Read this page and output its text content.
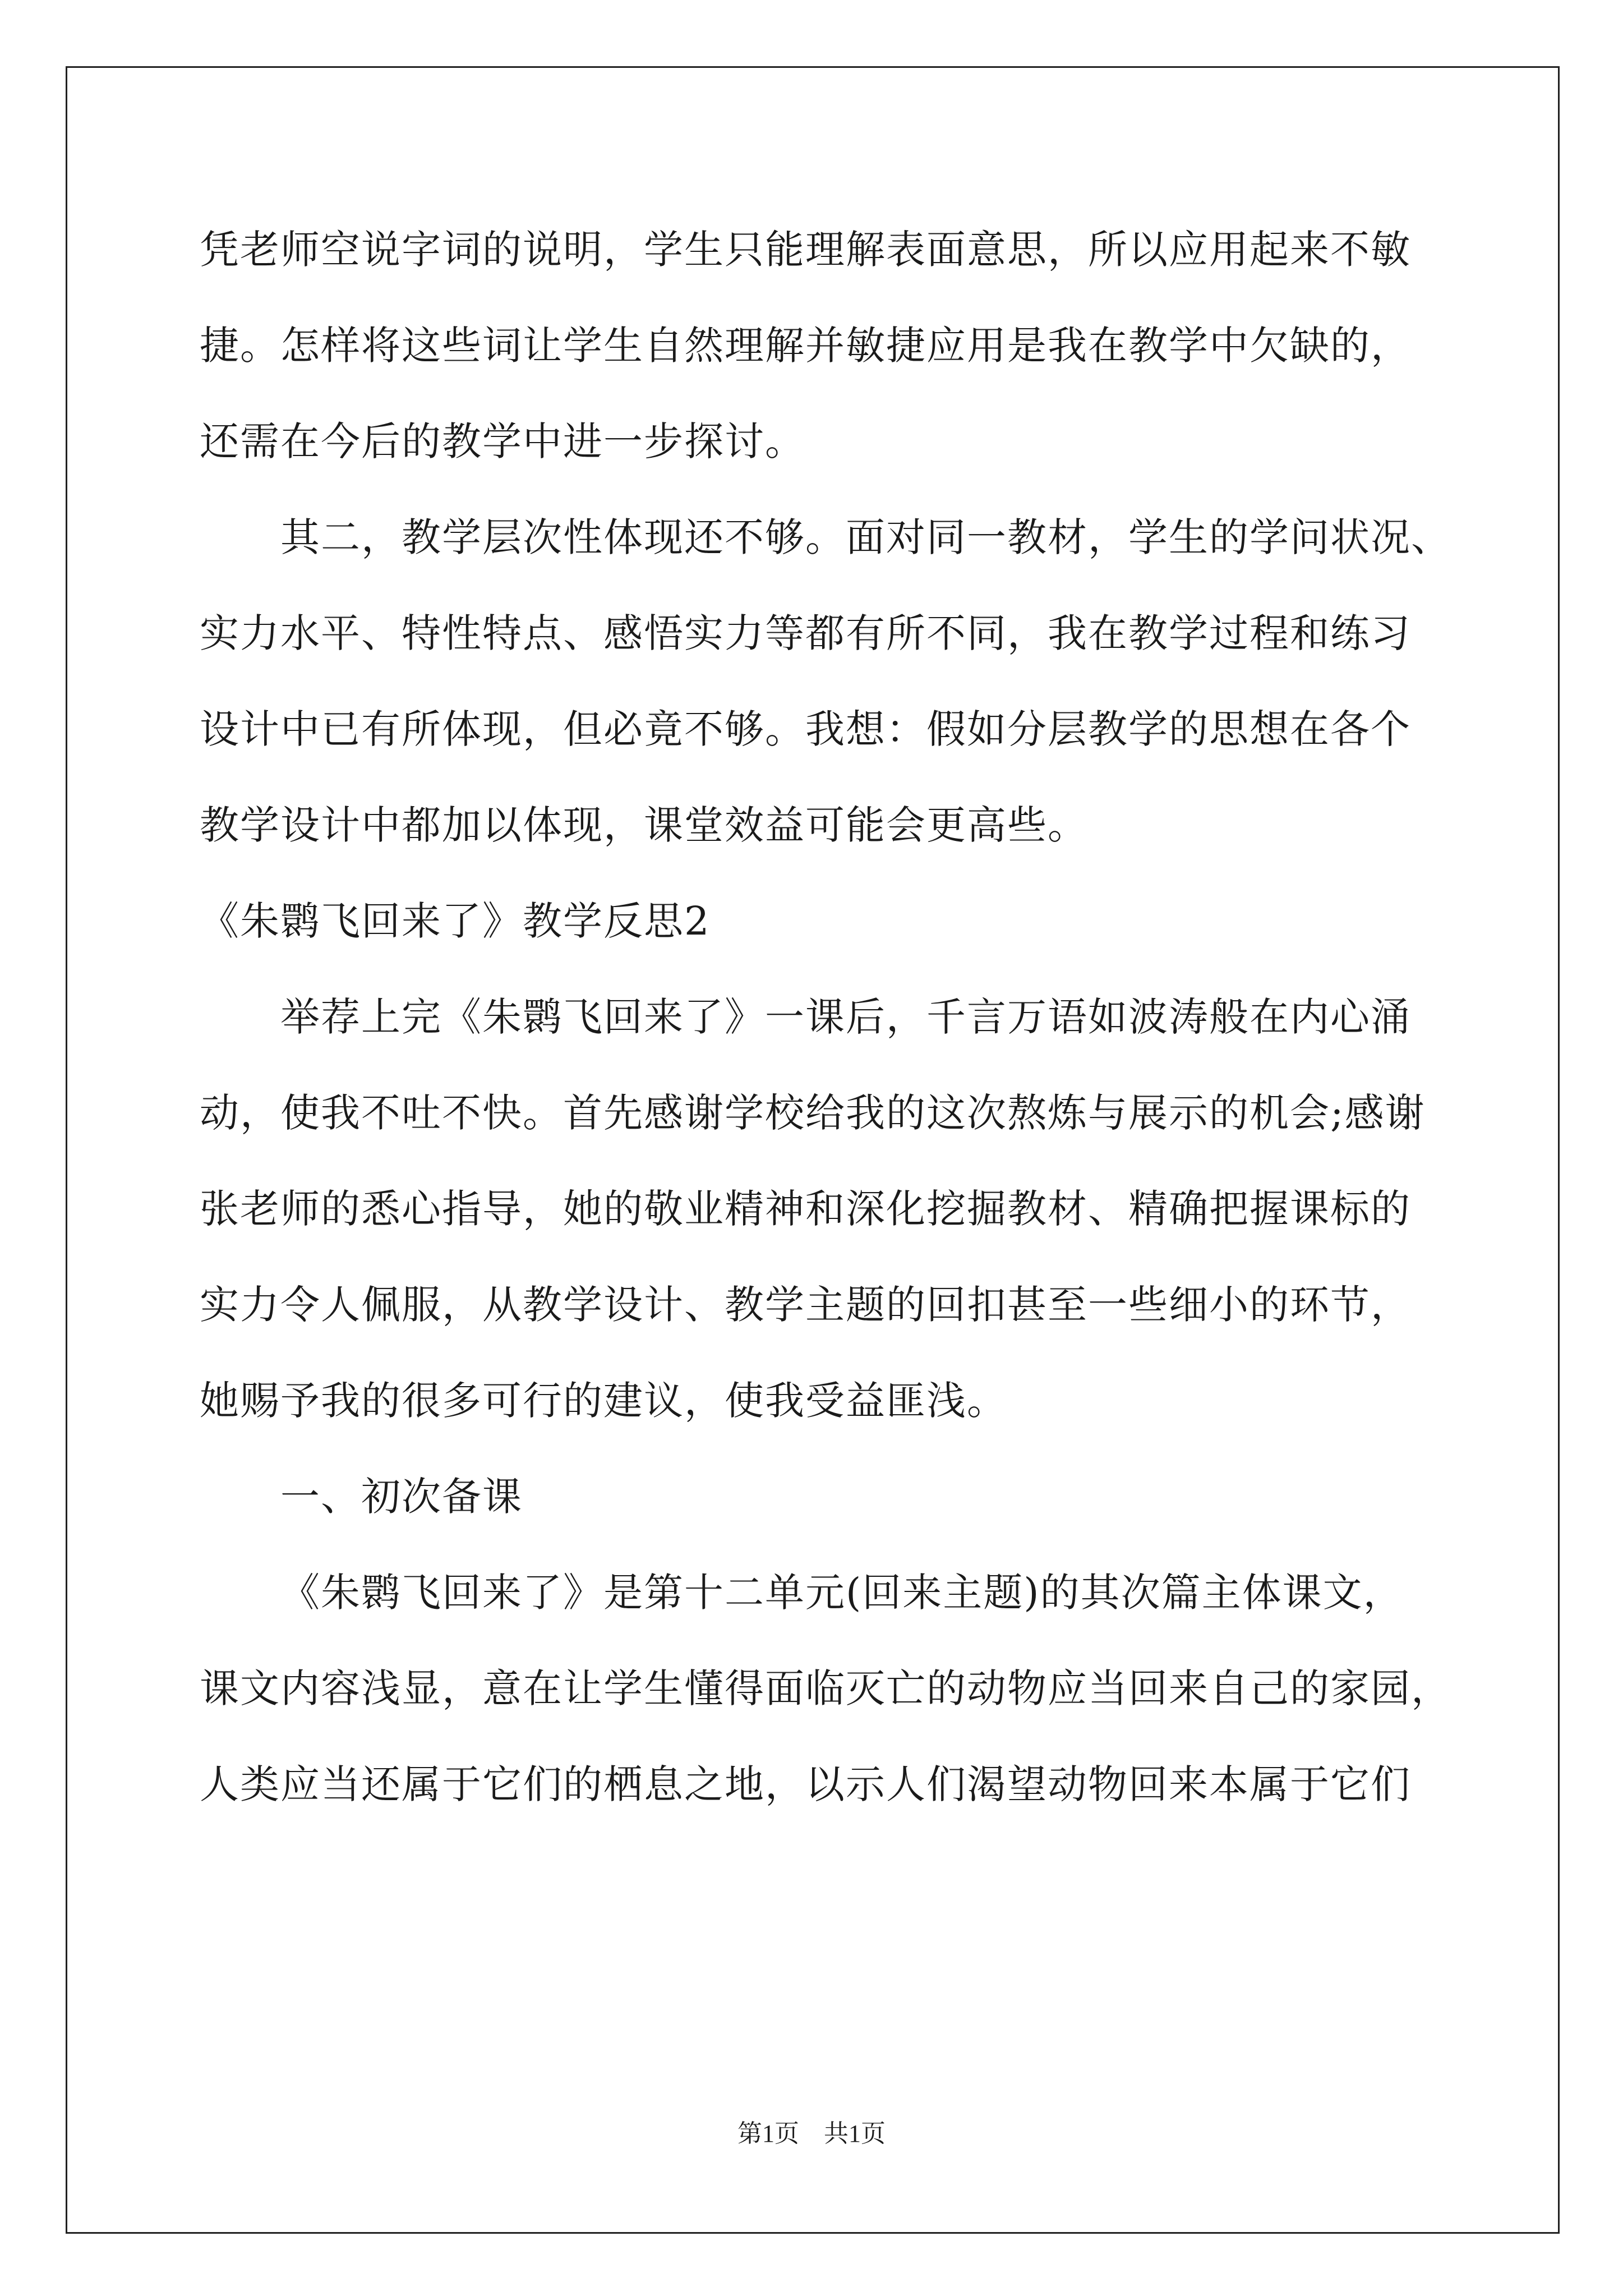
凭老师空说字词的说明，学生只能理解表面意思，所以应用起来不敏
捷。怎样将这些词让学生自然理解并敏捷应用是我在教学中欠缺的，
还需在今后的教学中进一步探讨。
其二，教学层次性体现还不够。面对同一教材，学生的学问状况、
实力水平、特性特点、感悟实力等都有所不同，我在教学过程和练习
设计中已有所体现，但必竟不够。我想：假如分层教学的思想在各个
教学设计中都加以体现，课堂效益可能会更高些。
《朱鹮飞回来了》教学反思2
举荐上完《朱鹮飞回来了》一课后，千言万语如波涛般在内心涌
动，使我不吐不快。首先感谢学校给我的这次熬炼与展示的机会;感谢
张老师的悉心指导，她的敬业精神和深化挖掘教材、精确把握课标的
实力令人佩服，从教学设计、教学主题的回扣甚至一些细小的环节，
她赐予我的很多可行的建议，使我受益匪浅。
一、初次备课
《朱鹮飞回来了》是第十二单元(回来主题)的其次篇主体课文，
课文内容浅显，意在让学生懂得面临灭亡的动物应当回来自己的家园，
人类应当还属于它们的栖息之地，以示人们渴望动物回来本属于它们
第1页　共1页
